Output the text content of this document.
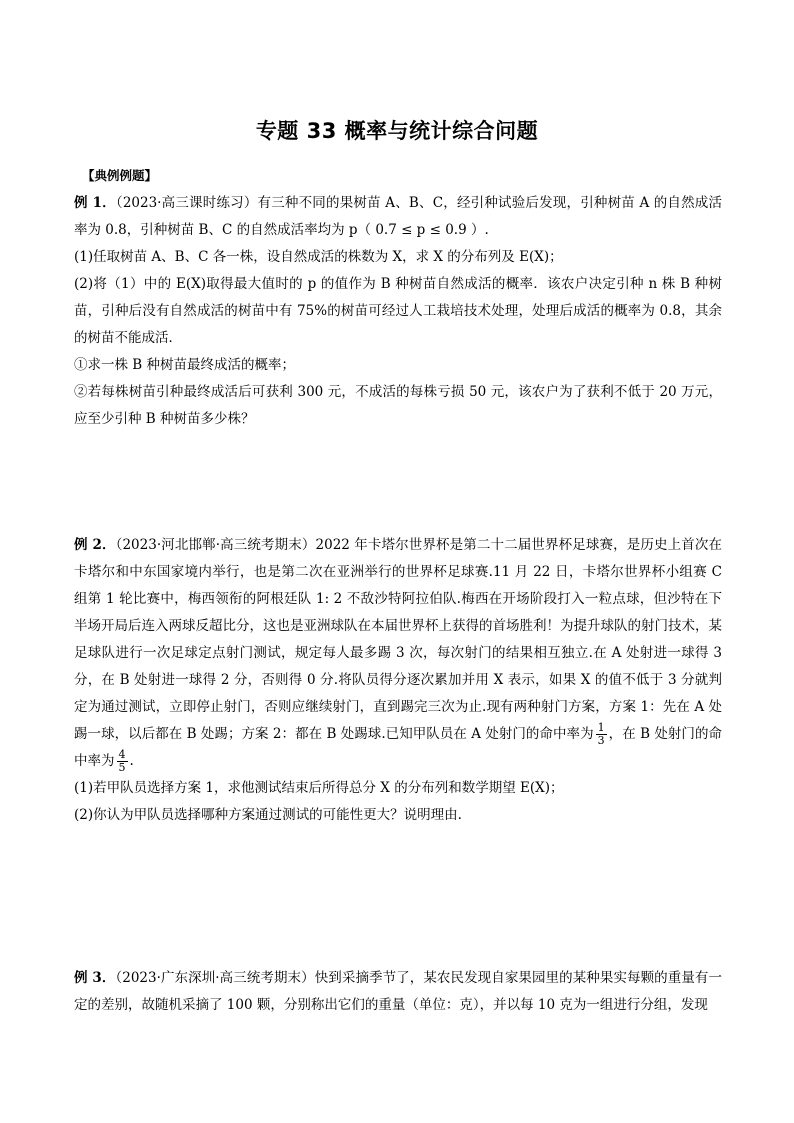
专题 33 概率与统计综合问题
【典例例题】
例 1．（2023·高三课时练习）有三种不同的果树苗 A、B、C，经引种试验后发现，引种树苗 A 的自然成活率为 0.8，引种树苗 B、C 的自然成活率均为 p（ 0.7 ≤ p ≤ 0.9 ）.
(1)任取树苗 A、B、C 各一株，设自然成活的株数为 X，求 X 的分布列及 E(X)；
(2)将（1）中的 E(X)取得最大值时的 p 的值作为 B 种树苗自然成活的概率．该农户决定引种 n 株 B 种树苗，引种后没有自然成活的树苗中有 75%的树苗可经过人工栽培技术处理，处理后成活的概率为 0.8，其余的树苗不能成活．
①求一株 B 种树苗最终成活的概率；
②若每株树苗引种最终成活后可获利 300 元，不成活的每株亏损 50 元，该农户为了获利不低于 20 万元，应至少引种 B 种树苗多少株？
例 2．（2023·河北邯郸·高三统考期末）2022 年卡塔尔世界杯是第二十二届世界杯足球赛，是历史上首次在卡塔尔和中东国家境内举行，也是第二次在亚洲举行的世界杯足球赛.11 月 22 日，卡塔尔世界杯小组赛 C 组第 1 轮比赛中，梅西领衔的阿根廷队 1: 2 不敌沙特阿拉伯队.梅西在开场阶段打入一粒点球，但沙特在下半场开局后连入两球反超比分，这也是亚洲球队在本届世界杯上获得的首场胜利！为提升球队的射门技术，某足球队进行一次足球定点射门测试，规定每人最多踢 3 次，每次射门的结果相互独立.在 A 处射进一球得 3 分，在 B 处射进一球得 2 分，否则得 0 分.将队员得分逐次累加并用 X 表示，如果 X 的值不低于 3 分就判定为通过测试，立即停止射门，否则应继续射门，直到踢完三次为止.现有两种射门方案，方案 1：先在 A 处踢一球，以后都在 B 处踢；方案 2：都在 B 处踢球.已知甲队员在 A 处射门的命中率为 $\frac{1}{3}$ ，在 B 处射门的命中率为 $\frac{4}{5}$ .
(1)若甲队员选择方案 1，求他测试结束后所得总分 X 的分布列和数学期望 E(X)；
(2)你认为甲队员选择哪种方案通过测试的可能性更大？说明理由.
例 3．（2023·广东深圳·高三统考期末）快到采摘季节了，某农民发现自家果园里的某种果实每颗的重量有一定的差别，故随机采摘了 100 颗，分别称出它们的重量（单位：克），并以每 10 克为一组进行分组，发现
